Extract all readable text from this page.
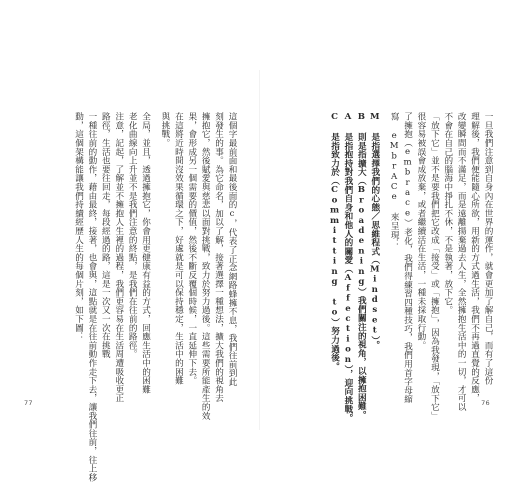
這個字最前面和最後面的c，代表了正念網路蜂擁不息，我們往前到此

刻發生的事。為它命名，加以了解，接著選擇一種想法，擴大我們的視角去

擁抱它，然後賦愛與慈悲以面對挑戰，致力於努力過後。這些需要所能產生的效

果，會形成另一個需要的價值，然後不斷反覆個時候，一直延伸下去。

在這將近時間沒效果循環之下，好處就是可以保持穩定，生活中的困難

與挑戰。

全局，並且，透過擁抱它，你會用更健康有益的方式，回應生活中的困難

老化曲線向上升並不是我們注意的終點，是我們在往前的路徑。

注意，記起，了解並不擁抱人生裡的過程，我們更容易在生活周遭吸收更正

路徑，生活也要往回走，每段經過的路，這是一次又一次在挑戰

一種往前的動作，藉由最終，接著，也會與，這點就是在往前動作走下去，讓我們往前，往上移

動，這個架構能讓我們持續經歷人生的每個片刻，如下圖：

77

一旦我們注意到自身內在世界的運作，就會更加了解自己，而有了這份

理解後，我們便能隨心所欲，用新的方式過生活，我們不再過直覺的反應，

改變瞬間而不滿足，而是遠離揚棄過去人生，全然擁抱生活中的一切，才可以

不會在自己的腦海中掙扎不休，不是執著，放下它。

「放下它」並不是要我們把它改成「接受」或「擁抱」，因為我發現，「放下它」

很容易被誤會成放棄，或者繼續活在生活，一種未採取行動。

了擁抱（embrace）老化，我們得練習四種技巧，我們用首字母縮

寫 eMbrACe 來呈現：

M 是指選擇我們的心態／思維程式（Mindset）。

B 則是指擴大（Broadening）我們關注的視角，以擁抱困難。

A 是指抱持對我們自身和他人的關愛（Affection），迎向挑戰。

C 是指致力於（Committing to）努力過後。

76
